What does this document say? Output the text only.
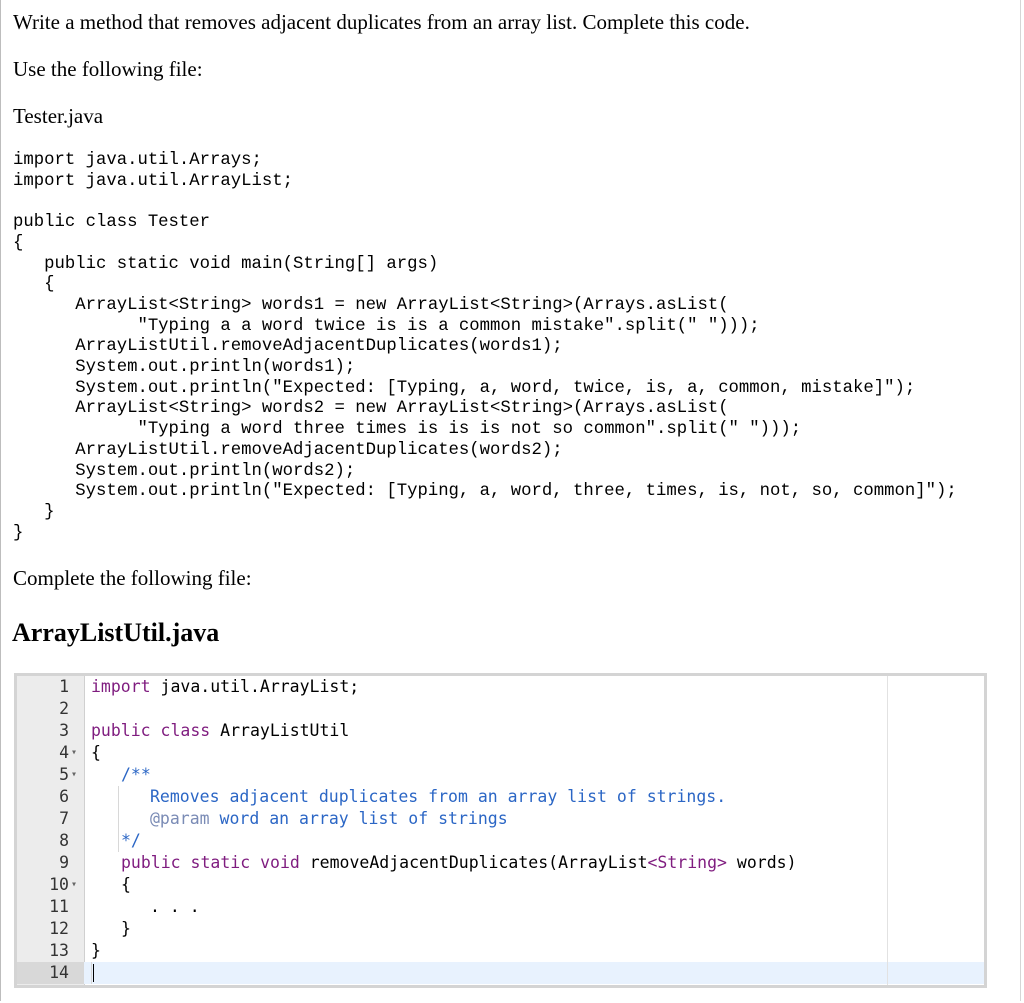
Write a method that removes adjacent duplicates from an array list. Complete this code.
Use the following file:
Tester.java
import java.util.Arrays;
import java.util.ArrayList;

public class Tester
{
public static void main(String[] args)
{
ArrayList<String> words1 = new ArrayList<String>(Arrays.asList(
"Typing a a word twice is is a common mistake".split(" ")));
ArrayListUtil.removeAdjacentDuplicates(words1);
System.out.println(words1);
System.out.println("Expected: [Typing, a, word, twice, is, a, common, mistake]");
ArrayList<String> words2 = new ArrayList<String>(Arrays.asList(
"Typing a word three times is is is not so common".split(" ")));
ArrayListUtil.removeAdjacentDuplicates(words2);
System.out.println(words2);
System.out.println("Expected: [Typing, a, word, three, times, is, not, so, common]");
}
}
Complete the following file:
ArrayListUtil.java
1
2
3
4
5
6
7
8
9
10
11
12
13
14
▾
▾
▾
import java.util.ArrayList;
public class ArrayListUtil
{
/**
Removes adjacent duplicates from an array list of strings.
@param word an array list of strings
*/
public static void removeAdjacentDuplicates(ArrayList<String> words)
{
. . .
}
}
